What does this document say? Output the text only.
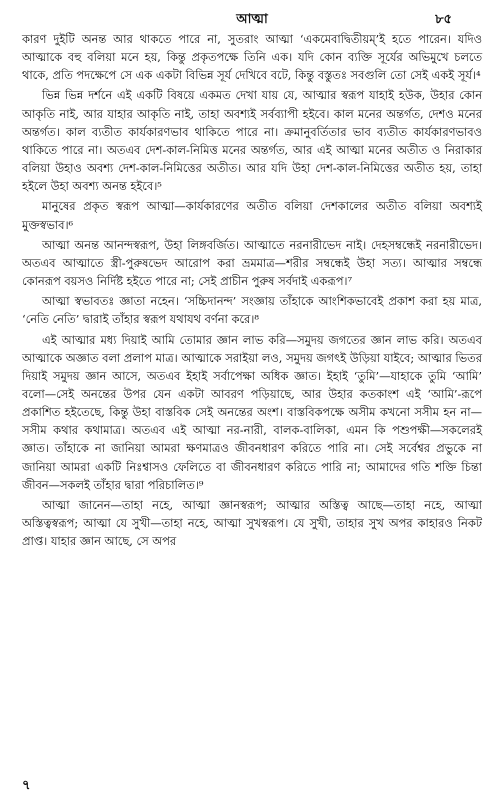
আত্মা	৮৫

কারণ দুইটি অনন্ত আর থাকতে পারে না, সুতরাং আত্মা ‘একমেবাদ্বিতীয়ম্’ই হতে পারেন। যদিও আত্মাকে বহু বলিয়া মনে হয়, কিন্তু প্রকৃতপক্ষে তিনি এক। যদি কোন ব্যক্তি সূর্যের অভিমুখে চলতে থাকে, প্রতি পদক্ষেপে সে এক একটা বিভিন্ন সূর্য দেখিবে বটে, কিন্তু বস্তুতঃ সবগুলি তো সেই একই সূর্য।⁴

ভিন্ন ভিন্ন দর্শনে এই একটি বিষয়ে একমত দেখা যায় যে, আত্মার স্বরূপ যাহাই হউক, উহার কোন আকৃতি নাই, আর যাহার আকৃতি নাই, তাহা অবশ্যই সর্বব্যাপী হইবে। কাল মনের অন্তর্গত, দেশও মনের অন্তর্গত। কাল ব্যতীত কার্যকারণভাব থাকিতে পারে না। ক্রমানুবর্তিতার ভাব ব্যতীত কার্যকারণভাবও থাকিতে পারে না। অতএব দেশ-কাল-নিমিত্ত মনের অন্তর্গত, আর এই আত্মা মনের অতীত ও নিরাকার বলিয়া উহাও অবশ্য দেশ-কাল-নিমিত্তের অতীত। আর যদি উহা দেশ-কাল-নিমিত্তের অতীত হয়, তাহা হইলে উহা অবশ্য অনন্ত হইবে।⁵

মানুষের প্রকৃত স্বরূপ আত্মা—কার্যকারণের অতীত বলিয়া দেশকালের অতীত বলিয়া অবশ্যই মুক্তস্বভাব।⁶

আত্মা অনন্ত আনন্দস্বরূপ, উহা লিঙ্গবর্জিত। আত্মাতে নরনারীভেদ নাই। দেহসম্বন্ধেই নরনারীভেদ। অতএব আত্মাতে স্ত্রী-পুরুষভেদ আরোপ করা ভ্রমমাত্র—শরীর সম্বন্ধেই উহা সত্য। আত্মার সম্বন্ধে কোনরূপ বয়সও নির্দিষ্ট হইতে পারে না; সেই প্রাচীন পুরুষ সর্বদাই একরূপ।⁷

আত্মা স্বভাবতঃ জ্ঞাতা নহেন। ‘সচ্চিদানন্দ’ সংজ্ঞায় তাঁহাকে আংশিকভাবেই প্রকাশ করা হয় মাত্র, ‘নেতি নেতি’ দ্বারাই তাঁহার স্বরূপ যথাযথ বর্ণনা করে।⁸

এই আত্মার মধ্য দিয়াই আমি তোমার জ্ঞান লাভ করি—সমুদয় জগতের জ্ঞান লাভ করি। অতএব আত্মাকে অজ্ঞাত বলা প্রলাপ মাত্র। আত্মাকে সরাইয়া লও, সমুদয় জগৎই উড়িয়া যাইবে; আত্মার ভিতর দিয়াই সমুদয় জ্ঞান আসে, অতএব ইহাই সর্বাপেক্ষা অধিক জ্ঞাত। ইহাই ‘তুমি’—যাহাকে তুমি ‘আমি’ বলো—সেই অনন্তের উপর যেন একটা আবরণ পড়িয়াছে, আর উহার কতকাংশ এই ‘আমি’-রূপে প্রকাশিত হইতেছে, কিন্তু উহা বাস্তবিক সেই অনন্তের অংশ। বাস্তবিকপক্ষে অসীম কখনো সসীম হন না—সসীম কথার কথামাত্র। অতএব এই আত্মা নর-নারী, বালক-বালিকা, এমন কি পশুপক্ষী—সকলেরই জ্ঞাত। তাঁহাকে না জানিয়া আমরা ক্ষণমাত্রও জীবনধারণ করিতে পারি না। সেই সর্বেশ্বর প্রভুকে না জানিয়া আমরা একটি নিঃশ্বাসও ফেলিতে বা জীবনধারণ করিতে পারি না; আমাদের গতি শক্তি চিন্তা জীবন—সকলই তাঁহার দ্বারা পরিচালিত।⁹

আত্মা জানেন—তাহা নহে, আত্মা জ্ঞানস্বরূপ; আত্মার অস্তিত্ব আছে—তাহা নহে, আত্মা অস্তিত্বস্বরূপ; আত্মা যে সুখী—তাহা নহে, আত্মা সুখস্বরূপ। যে সুখী, তাহার সুখ অপর কাহারও নিকট প্রাপ্ত। যাহার জ্ঞান আছে, সে অপর

৭
